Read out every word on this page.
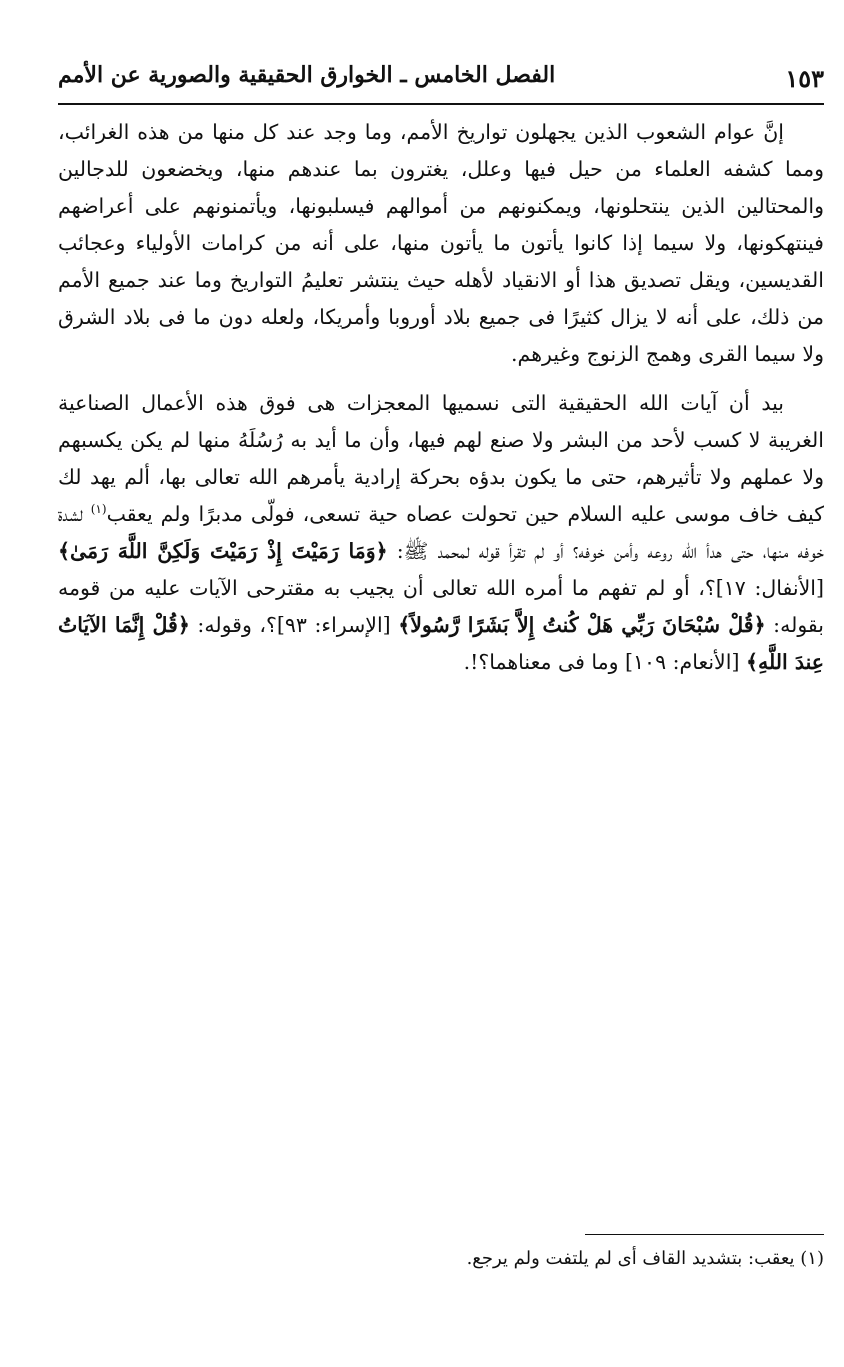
١٥٣
الفصل الخامس ـ الخوارق الحقيقية والصورية عن الأمم

إنَّ عوام الشعوب الذين يجهلون تواريخ الأمم، وما وجد عند كل منها من هذه الغرائب، ومما كشفه العلماء من حيل فيها وعلل، يغترون بما عندهم منها، ويخضعون للدجالين والمحتالين الذين ينتحلونها، ويمكنونهم من أموالهم فيسلبونها، ويأتمنونهم على أعراضهم فينتهكونها، ولا سيما إذا كانوا يأتون ما يأتون منها، على أنه من كرامات الأولياء وعجائب القديسين، ويقل تصديق هذا أو الانقياد لأهله حيث ينتشر تعليمُ التواريخ وما عند جميع الأمم من ذلك، على أنه لا يزال كثيرًا فى جميع بلاد أوروبا وأمريكا، ولعله دون ما فى بلاد الشرق ولا سيما القرى وهمج الزنوج وغيرهم.

بيد أن آيات الله الحقيقية التى نسميها المعجزات هى فوق هذه الأعمال الصناعية الغريبة لا كسب لأحد من البشر ولا صنع لهم فيها، وأن ما أيد به رُسُلَهُ منها لم يكن يكسبهم ولا عملهم ولا تأثيرهم، حتى ما يكون بدؤه بحركة إرادية يأمرهم الله تعالى بها، ألم يهد لك كيف خاف موسى عليه السلام حين تحولت عصاه حية تسعى، فولّى مدبرًا ولم يعقب$^{(١)}$ لشدة خوفه منها، حتى هدأ الله روعه وأمن خوفه؟ أو لم تقرأ قوله لمحمد ﷺ: ﴿وَمَا رَمَيْتَ إِذْ رَمَيْتَ وَلَكِنَّ اللَّهَ رَمَىٰ﴾ [الأنفال: ١٧]؟، أو لم تفهم ما أمره الله تعالى أن يجيب به مقترحى الآيات عليه من قومه بقوله: ﴿قُلْ سُبْحَانَ رَبِّي هَلْ كُنتُ إِلاَّ بَشَرًا رَّسُولاً﴾ [الإسراء: ٩٣]؟، وقوله: ﴿قُلْ إِنَّمَا الآيَاتُ عِندَ اللَّهِ﴾ [الأنعام: ١٠٩] وما فى معناهما؟!.

(١) يعقب: بتشديد القاف أى لم يلتفت ولم يرجع.
